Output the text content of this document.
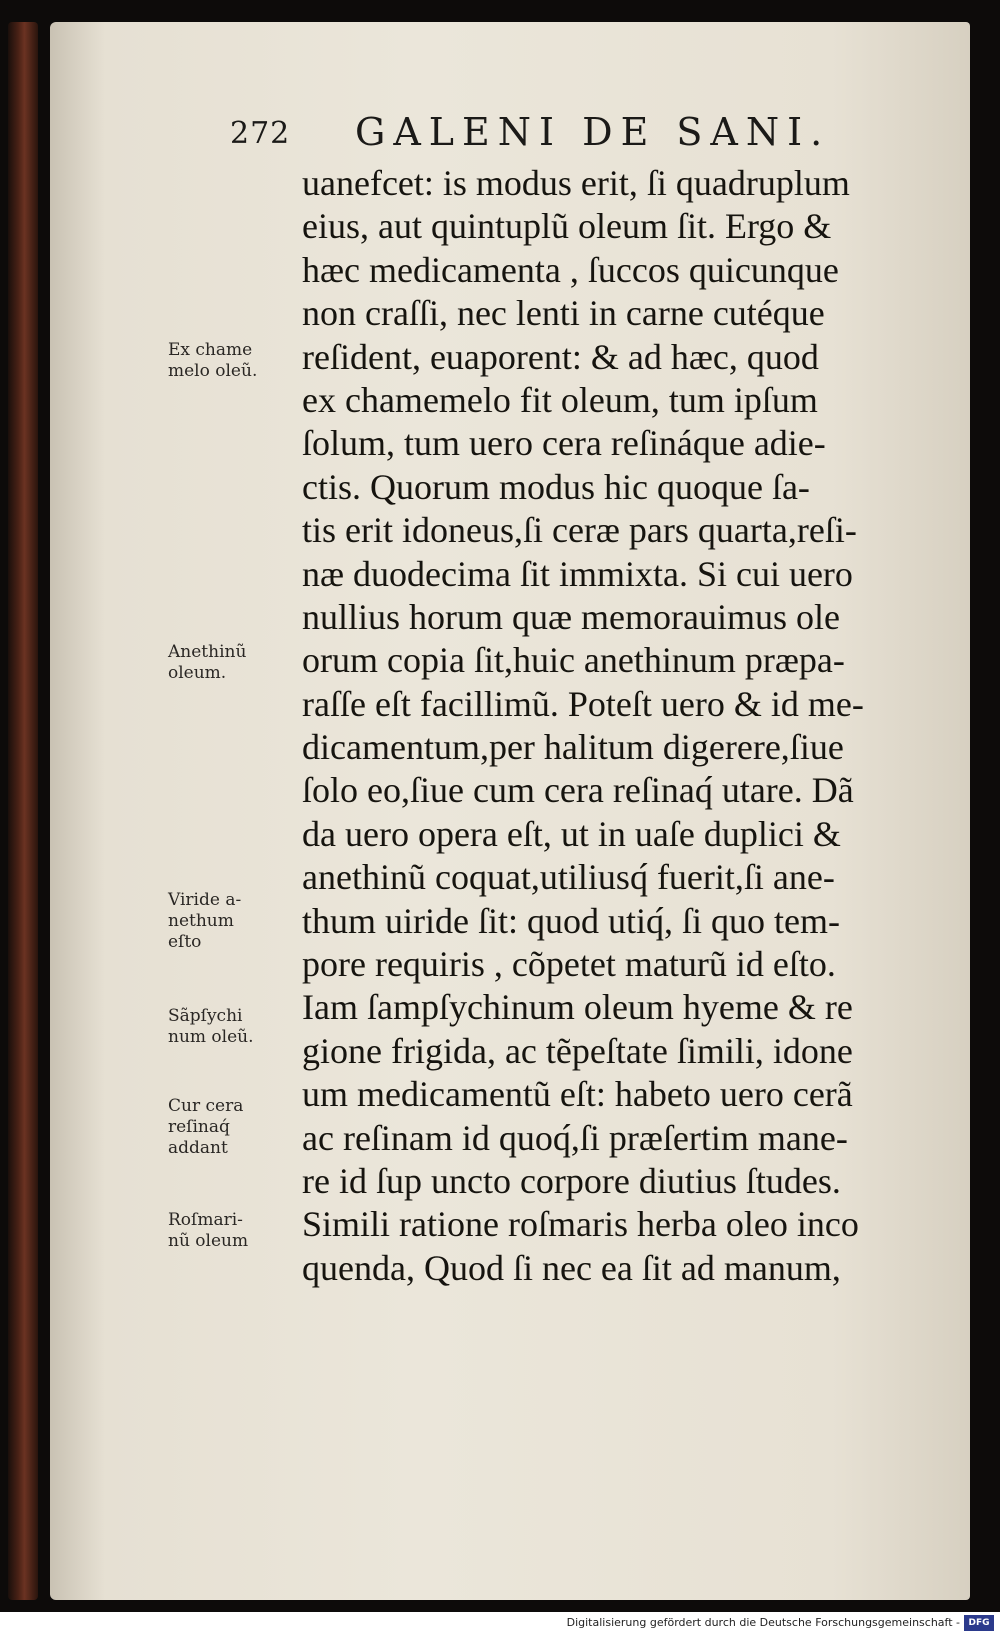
272 GALENI DE SANI.
uanefcet: is modus erit, ſi quadruplum
eius, aut quintuplũ oleum ſit. Ergo &
hæc medicamenta , ſuccos quicunque
non craſſi, nec lenti in carne cutéque
reſident, euaporent: & ad hæc, quod
ex chamemelo fit oleum, tum ipſum
ſolum, tum uero cera reſináque adie-
ctis. Quorum modus hic quoque ſa-
tis erit idoneus,ſi ceræ pars quarta,reſi-
næ duodecima ſit immixta. Si cui uero
nullius horum quæ memorauimus ole
orum copia ſit,huic anethinum præpa-
raſſe eſt facillimũ. Poteſt uero & id me-
dicamentum,per halitum digerere,ſiue
ſolo eo,ſiue cum cera reſinaq́ utare. Dã
da uero opera eſt, ut in uaſe duplici &
anethinũ coquat,utiliusq́ fuerit,ſi ane-
thum uiride ſit: quod utiq́, ſi quo tem-
pore requiris , cõpetet maturũ id eſto.
Iam ſampſychinum oleum hyeme & re
gione frigida, ac tẽpeſtate ſimili, idone
um medicamentũ eſt: habeto uero cerã
ac reſinam id quoq́,ſi præſertim mane-
re id ſup uncto corpore diutius ſtudes.
Simili ratione roſmaris herba oleo inco
quenda, Quod ſi nec ea ſit ad manum,
Ex chame
melo oleũ.
Anethinũ
oleum.
Viride a-
nethum
eſto
Sãpſychi
num oleũ.
Cur cera
reſinaq́
addant
Roſmari-
nũ oleum
Digitalisierung gefördert durch die Deutsche Forschungsgemeinschaft - DFG
